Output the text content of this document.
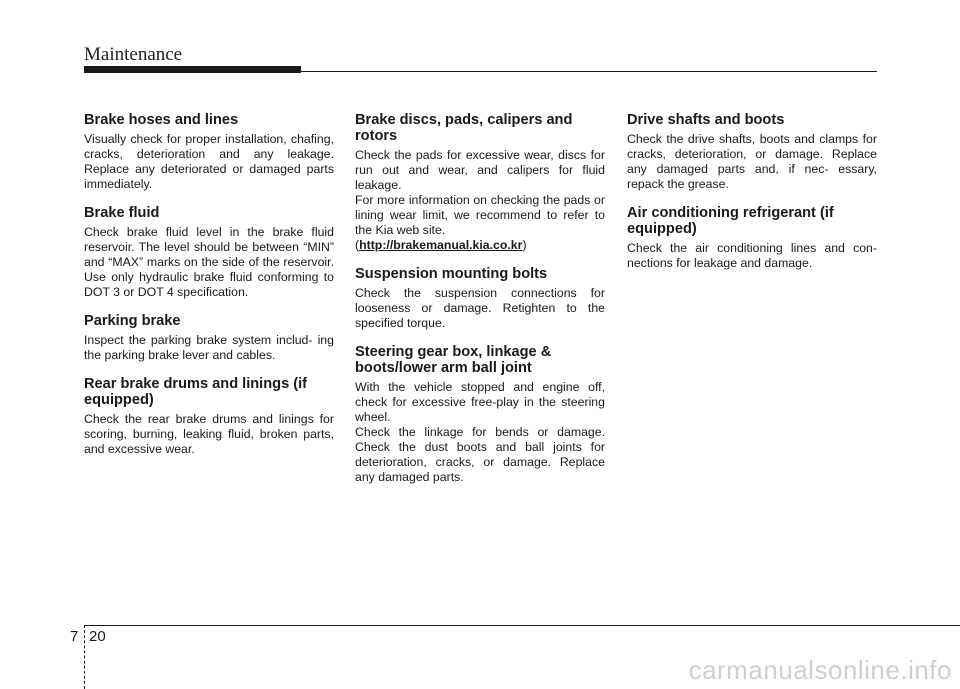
Maintenance
Brake hoses and lines

Visually check for proper installation, chafing, cracks, deterioration and any leakage. Replace any deteriorated or damaged parts immediately.

Brake fluid

Check brake fluid level in the brake fluid reservoir. The level should be between “MIN” and “MAX” marks on the side of the reservoir. Use only hydraulic brake fluid conforming to DOT 3 or DOT 4 specification.

Parking brake

Inspect the parking brake system includ- ing the parking brake lever and cables.

Rear brake drums and linings (if equipped)

Check the rear brake drums and linings for scoring, burning, leaking fluid, broken parts, and excessive wear.

Brake discs, pads, calipers and rotors

Check the pads for excessive wear, discs for run out and wear, and calipers for fluid leakage.

For more information on checking the pads or lining wear limit, we recommend to refer to the Kia web site.

(http://brakemanual.kia.co.kr)

Suspension mounting bolts

Check the suspension connections for looseness or damage. Retighten to the specified torque.

Steering gear box, linkage & boots/lower arm ball joint

With the vehicle stopped and engine off, check for excessive free-play in the steering wheel.

Check the linkage for bends or damage. Check the dust boots and ball joints for deterioration, cracks, or damage. Replace any damaged parts.

Drive shafts and boots

Check the drive shafts, boots and clamps for cracks, deterioration, or damage. Replace any damaged parts and, if nec- essary, repack the grease.

Air conditioning refrigerant (if equipped)

Check the air conditioning lines and con- nections for leakage and damage.

7 20
carmanualsonline.info
